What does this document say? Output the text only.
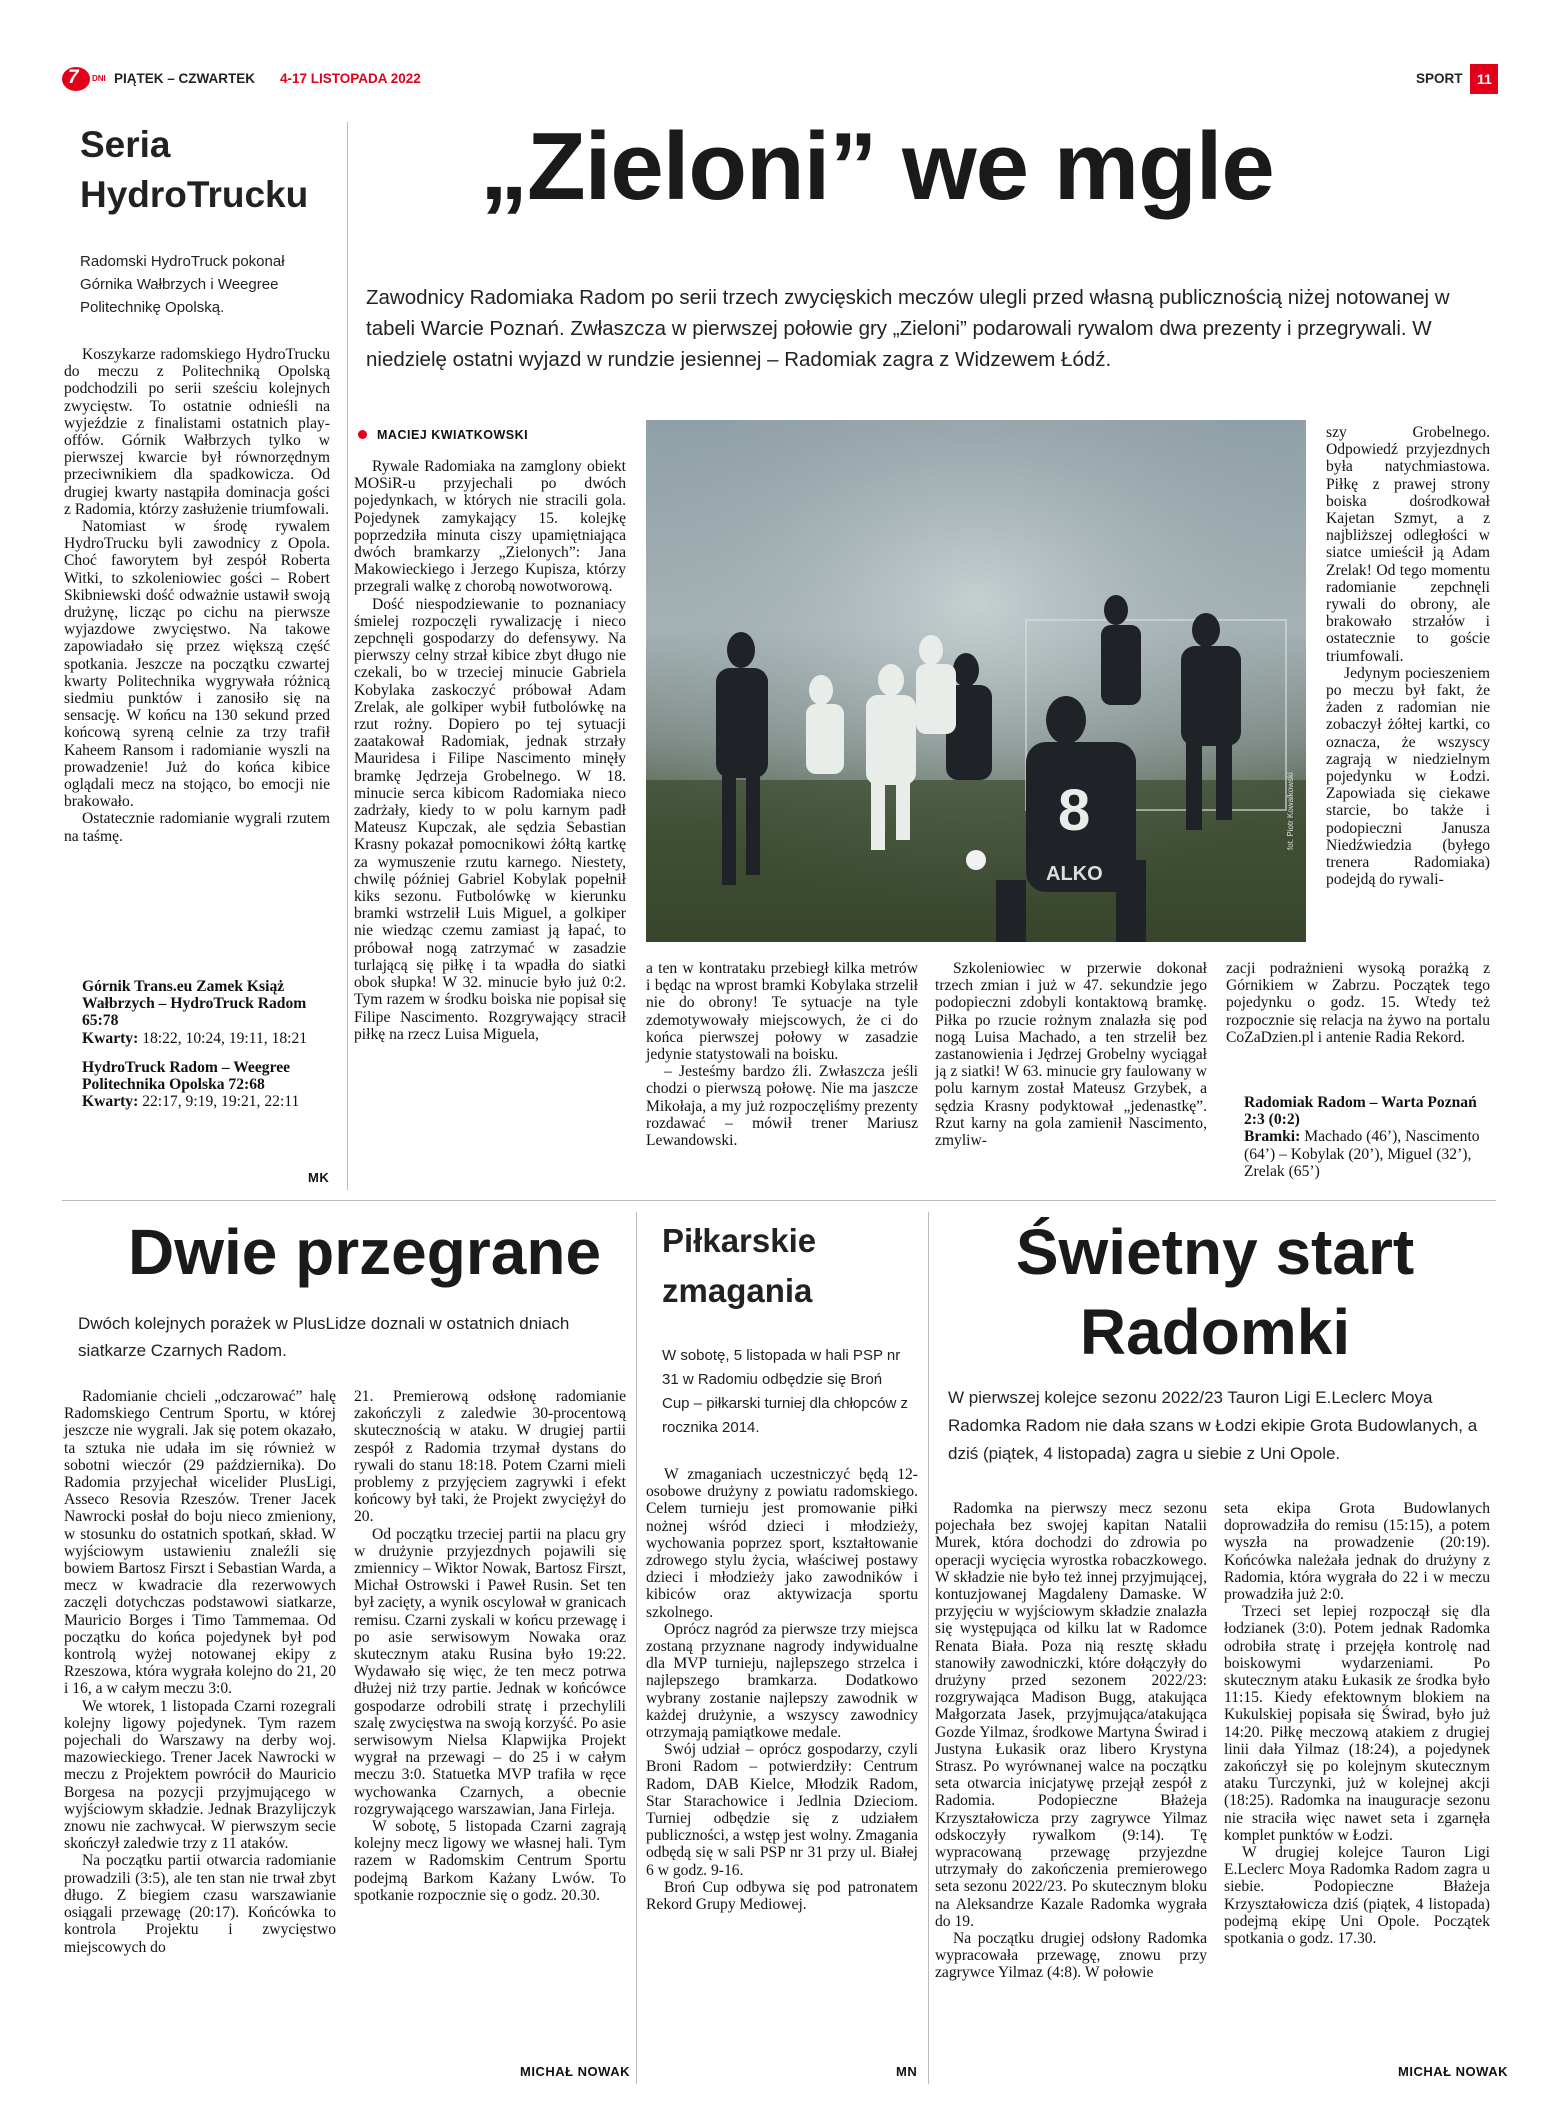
7 DNI PIĄTEK – CZWARTEK 4-17 LISTOPADA 2022	SPORT 11
Seria
HydroTrucku
Radomski HydroTruck pokonał Górnika Wałbrzych i Weegree Politechnikę Opolską.

Koszykarze radomskiego HydroTrucku do meczu z Politechniką Opolską podchodzili po serii sześciu kolejnych zwycięstw. To ostatnie odnieśli na wyjeździe z finalistami ostatnich play-offów. Górnik Wałbrzych tylko w pierwszej kwarcie był równorzędnym przeciwnikiem dla spadkowicza. Od drugiej kwarty nastąpiła dominacja gości z Radomia, którzy zasłużenie triumfowali.

Natomiast w środę rywalem HydroTrucku byli zawodnicy z Opola. Choć faworytem był zespół Roberta Witki, to szkoleniowiec gości – Robert Skibniewski dość odważnie ustawił swoją drużynę, licząc po cichu na pierwsze wyjazdowe zwycięstwo. Na takowe zapowiadało się przez większą część spotkania. Jeszcze na początku czwartej kwarty Politechnika wygrywała różnicą siedmiu punktów i zanosiło się na sensację. W końcu na 130 sekund przed końcową syreną celnie za trzy trafił Kaheem Ransom i radomianie wyszli na prowadzenie! Już do końca kibice oglądali mecz na stojąco, bo emocji nie brakowało.

Ostatecznie radomianie wygrali rzutem na taśmę.

Górnik Trans.eu Zamek Książ Wałbrzych – HydroTruck Radom 65:78
Kwarty: 18:22, 10:24, 19:11, 18:21
HydroTruck Radom – Weegree Politechnika Opolska 72:68
Kwarty: 22:17, 9:19, 19:21, 22:11
MK
„Zieloni” we mgle
Zawodnicy Radomiaka Radom po serii trzech zwycięskich meczów ulegli przed własną publicznością niżej notowanej w tabeli Warcie Poznań. Zwłaszcza w pierwszej połowie gry „Zieloni” podarowali rywalom dwa prezenty i przegrywali. W niedzielę ostatni wyjazd w rundzie jesiennej – Radomiak zagra z Widzewem Łódź.
MACIEJ KWIATKOWSKI

Rywale Radomiaka na zamglony obiekt MOSiR-u przyjechali po dwóch pojedynkach, w których nie stracili gola. Pojedynek zamykający 15. kolejkę poprzedziła minuta ciszy upamiętniająca dwóch bramkarzy „Zielonych”: Jana Makowieckiego i Jerzego Kupisza, którzy przegrali walkę z chorobą nowotworową.

Dość niespodziewanie to poznaniacy śmielej rozpoczęli rywalizację i nieco zepchnęli gospodarzy do defensywy. Na pierwszy celny strzał kibice zbyt długo nie czekali, bo w trzeciej minucie Gabriela Kobylaka zaskoczyć próbował Adam Zrelak, ale golkiper wybił futbolówkę na rzut rożny. Dopiero po tej sytuacji zaatakował Radomiak, jednak strzały Mauridesa i Filipe Nascimento minęły bramkę Jędrzeja Grobelnego. W 18. minucie serca kibicom Radomiaka nieco zadrżały, kiedy to w polu karnym padł Mateusz Kupczak, ale sędzia Sebastian Krasny pokazał pomocnikowi żółtą kartkę za wymuszenie rzutu karnego. Niestety, chwilę później Gabriel Kobylak popełnił kiks sezonu. Futbolówkę w kierunku bramki wstrzelił Luis Miguel, a golkiper nie wiedząc czemu zamiast ją łapać, to próbował nogą zatrzymać w zasadzie turlającą się piłkę i ta wpadła do siatki obok słupka! W 32. minucie było już 0:2. Tym razem w środku boiska nie popisał się Filipe Nascimento. Rozgrywający stracił piłkę na rzecz Luisa Miguela,

8
ALKO
fot. Piotr Kowalkowski

a ten w kontrataku przebiegł kilka metrów i będąc na wprost bramki Kobylaka strzelił nie do obrony! Te sytuacje na tyle zdemotywowały miejscowych, że ci do końca pierwszej połowy w zasadzie jedynie statystowali na boisku.

– Jesteśmy bardzo źli. Zwłaszcza jeśli chodzi o pierwszą połowę. Nie ma jaszcze Mikołaja, a my już rozpoczęliśmy prezenty rozdawać – mówił trener Mariusz Lewandowski.

Szkoleniowiec w przerwie dokonał trzech zmian i już w 47. sekundzie jego podopieczni zdobyli kontaktową bramkę. Piłka po rzucie rożnym znalazła się pod nogą Luisa Machado, a ten strzelił bez zastanowienia i Jędrzej Grobelny wyciągał ją z siatki! W 63. minucie gry faulowany w polu karnym został Mateusz Grzybek, a sędzia Krasny podyktował „jedenastkę”. Rzut karny na gola zamienił Nascimento, zmyliw-

szy Grobelnego. Odpowiedź przyjezdnych była natychmiastowa. Piłkę z prawej strony boiska dośrodkował Kajetan Szmyt, a z najbliższej odległości w siatce umieścił ją Adam Zrelak! Od tego momentu radomianie zepchnęli rywali do obrony, ale brakowało strzałów i ostatecznie to goście triumfowali.

Jedynym pocieszeniem po meczu był fakt, że żaden z radomian nie zobaczył żółtej kartki, co oznacza, że wszyscy zagrają w niedzielnym pojedynku w Łodzi. Zapowiada się ciekawe starcie, bo także i podopieczni Janusza Niedźwiedzia (byłego trenera Radomiaka) podejdą do rywali-

zacji podrażnieni wysoką porażką z Górnikiem w Zabrzu. Początek tego pojedynku o godz. 15. Wtedy też rozpocznie się relacja na żywo na portalu CoZaDzien.pl i antenie Radia Rekord.

Radomiak Radom – Warta Poznań 2:3 (0:2)
Bramki: Machado (46’), Nascimento (64’) – Kobylak (20’), Miguel (32’), Zrelak (65’)
Dwie przegrane
Dwóch kolejnych porażek w PlusLidze doznali w ostatnich dniach siatkarze Czarnych Radom.

Radomianie chcieli „odczarować” halę Radomskiego Centrum Sportu, w której jeszcze nie wygrali. Jak się potem okazało, ta sztuka nie udała im się również w sobotni wieczór (29 października). Do Radomia przyjechał wicelider PlusLigi, Asseco Resovia Rzeszów. Trener Jacek Nawrocki posłał do boju nieco zmieniony, w stosunku do ostatnich spotkań, skład. W wyjściowym ustawieniu znaleźli się bowiem Bartosz Firszt i Sebastian Warda, a mecz w kwadracie dla rezerwowych zaczęli dotychczas podstawowi siatkarze, Mauricio Borges i Timo Tammemaa. Od początku do końca pojedynek był pod kontrolą wyżej notowanej ekipy z Rzeszowa, która wygrała kolejno do 21, 20 i 16, a w całym meczu 3:0.

We wtorek, 1 listopada Czarni rozegrali kolejny ligowy pojedynek. Tym razem pojechali do Warszawy na derby woj. mazowieckiego. Trener Jacek Nawrocki w meczu z Projektem powrócił do Mauricio Borgesa na pozycji przyjmującego w wyjściowym składzie. Jednak Brazylijczyk znowu nie zachwycał. W pierwszym secie skończył zaledwie trzy z 11 ataków.

Na początku partii otwarcia radomianie prowadzili (3:5), ale ten stan nie trwał zbyt długo. Z biegiem czasu warszawianie osiągali przewagę (20:17). Końcówka to kontrola Projektu i zwycięstwo miejscowych do

21. Premierową odsłonę radomianie zakończyli z zaledwie 30-procentową skutecznością w ataku. W drugiej partii zespół z Radomia trzymał dystans do rywali do stanu 18:18. Potem Czarni mieli problemy z przyjęciem zagrywki i efekt końcowy był taki, że Projekt zwyciężył do 20.

Od początku trzeciej partii na placu gry w drużynie przyjezdnych pojawili się zmiennicy – Wiktor Nowak, Bartosz Firszt, Michał Ostrowski i Paweł Rusin. Set ten był zacięty, a wynik oscylował w granicach remisu. Czarni zyskali w końcu przewagę i po asie serwisowym Nowaka oraz skutecznym ataku Rusina było 19:22. Wydawało się więc, że ten mecz potrwa dłużej niż trzy partie. Jednak w końcówce gospodarze odrobili stratę i przechylili szalę zwycięstwa na swoją korzyść. Po asie serwisowym Nielsa Klapwijka Projekt wygrał na przewagi – do 25 i w całym meczu 3:0. Statuetka MVP trafiła w ręce wychowanka Czarnych, a obecnie rozgrywającego warszawian, Jana Firleja.

W sobotę, 5 listopada Czarni zagrają kolejny mecz ligowy we własnej hali. Tym razem w Radomskim Centrum Sportu podejmą Barkom Każany Lwów. To spotkanie rozpocznie się o godz. 20.30.

MICHAŁ NOWAK
Piłkarskie
zmagania
W sobotę, 5 listopada w hali PSP nr 31 w Radomiu odbędzie się Broń Cup – piłkarski turniej dla chłopców z rocznika 2014.

W zmaganiach uczestniczyć będą 12-osobowe drużyny z powiatu radomskiego. Celem turnieju jest promowanie piłki nożnej wśród dzieci i młodzieży, wychowania poprzez sport, kształtowanie zdrowego stylu życia, właściwej postawy dzieci i młodzieży jako zawodników i kibiców oraz aktywizacja sportu szkolnego.

Oprócz nagród za pierwsze trzy miejsca zostaną przyznane nagrody indywidualne dla MVP turnieju, najlepszego strzelca i najlepszego bramkarza. Dodatkowo wybrany zostanie najlepszy zawodnik w każdej drużynie, a wszyscy zawodnicy otrzymają pamiątkowe medale.

Swój udział – oprócz gospodarzy, czyli Broni Radom – potwierdziły: Centrum Radom, DAB Kielce, Młodzik Radom, Star Starachowice i Jedlnia Dzieciom. Turniej odbędzie się z udziałem publiczności, a wstęp jest wolny. Zmagania odbędą się w sali PSP nr 31 przy ul. Białej 6 w godz. 9-16.

Broń Cup odbywa się pod patronatem Rekord Grupy Mediowej.

MN
Świetny start
Radomki
W pierwszej kolejce sezonu 2022/23 Tauron Ligi E.Leclerc Moya Radomka Radom nie dała szans w Łodzi ekipie Grota Budowlanych, a dziś (piątek, 4 listopada) zagra u siebie z Uni Opole.

Radomka na pierwszy mecz sezonu pojechała bez swojej kapitan Natalii Murek, która dochodzi do zdrowia po operacji wycięcia wyrostka robaczkowego. W składzie nie było też innej przyjmującej, kontuzjowanej Magdaleny Damaske. W przyjęciu w wyjściowym składzie znalazła się występująca od kilku lat w Radomce Renata Biała. Poza nią resztę składu stanowiły zawodniczki, które dołączyły do drużyny przed sezonem 2022/23: rozgrywająca Madison Bugg, atakująca Małgorzata Jasek, przyjmująca/atakująca Gozde Yilmaz, środkowe Martyna Świrad i Justyna Łukasik oraz libero Krystyna Strasz. Po wyrównanej walce na początku seta otwarcia inicjatywę przejął zespół z Radomia. Podopieczne Błażeja Krzyształowicza przy zagrywce Yilmaz odskoczyły rywalkom (9:14). Tę wypracowaną przewagę przyjezdne utrzymały do zakończenia premierowego seta sezonu 2022/23. Po skutecznym bloku na Aleksandrze Kazale Radomka wygrała do 19.

Na początku drugiej odsłony Radomka wypracowała przewagę, znowu przy zagrywce Yilmaz (4:8). W połowie

seta ekipa Grota Budowlanych doprowadziła do remisu (15:15), a potem wyszła na prowadzenie (20:19). Końcówka należała jednak do drużyny z Radomia, która wygrała do 22 i w meczu prowadziła już 2:0.

Trzeci set lepiej rozpoczął się dla łodzianek (3:0). Potem jednak Radomka odrobiła stratę i przejęła kontrolę nad boiskowymi wydarzeniami. Po skutecznym ataku Łukasik ze środka było 11:15. Kiedy efektownym blokiem na Kukulskiej popisała się Świrad, było już 14:20. Piłkę meczową atakiem z drugiej linii dała Yilmaz (18:24), a pojedynek zakończył się po kolejnym skutecznym ataku Turczynki, już w kolejnej akcji (18:25). Radomka na inauguracje sezonu nie straciła więc nawet seta i zgarnęła komplet punktów w Łodzi.

W drugiej kolejce Tauron Ligi E.Leclerc Moya Radomka Radom zagra u siebie. Podopieczne Błażeja Krzyształowicza dziś (piątek, 4 listopada) podejmą ekipę Uni Opole. Początek spotkania o godz. 17.30.

MICHAŁ NOWAK
